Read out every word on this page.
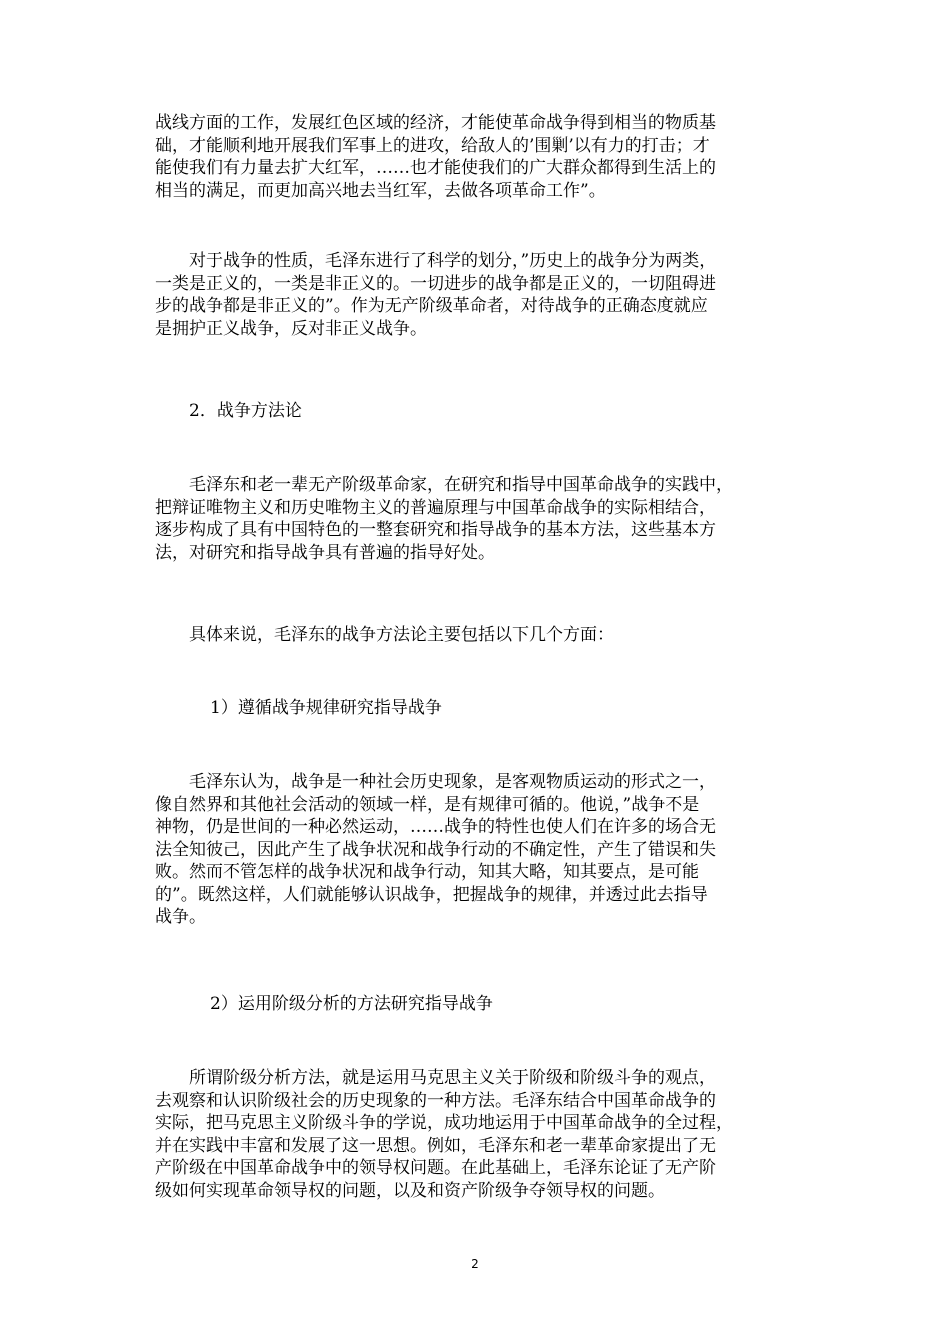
战线方面的工作，发展红色区域的经济，才能使革命战争得到相当的物质基
础，才能顺利地开展我们军事上的进攻，给敌人的’围剿’以有力的打击；才
能使我们有力量去扩大红军，……也才能使我们的广大群众都得到生活上的
相当的满足，而更加高兴地去当红军，去做各项革命工作”。
对于战争的性质，毛泽东进行了科学的划分，”历史上的战争分为两类，
一类是正义的，一类是非正义的。一切进步的战争都是正义的，一切阻碍进
步的战争都是非正义的”。作为无产阶级革命者，对待战争的正确态度就应
是拥护正义战争，反对非正义战争。

2．战争方法论

毛泽东和老一辈无产阶级革命家，在研究和指导中国革命战争的实践中，
把辩证唯物主义和历史唯物主义的普遍原理与中国革命战争的实际相结合，
逐步构成了具有中国特色的一整套研究和指导战争的基本方法，这些基本方
法，对研究和指导战争具有普遍的指导好处。
具体来说，毛泽东的战争方法论主要包括以下几个方面：

1）遵循战争规律研究指导战争

毛泽东认为，战争是一种社会历史现象，是客观物质运动的形式之一，
像自然界和其他社会活动的领域一样，是有规律可循的。他说，”战争不是
神物，仍是世间的一种必然运动，……战争的特性也使人们在许多的场合无
法全知彼己，因此产生了战争状况和战争行动的不确定性，产生了错误和失
败。然而不管怎样的战争状况和战争行动，知其大略，知其要点，是可能
的”。既然这样，人们就能够认识战争，把握战争的规律，并透过此去指导
战争。

2）运用阶级分析的方法研究指导战争

所谓阶级分析方法，就是运用马克思主义关于阶级和阶级斗争的观点，
去观察和认识阶级社会的历史现象的一种方法。毛泽东结合中国革命战争的
实际，把马克思主义阶级斗争的学说，成功地运用于中国革命战争的全过程，
并在实践中丰富和发展了这一思想。例如，毛泽东和老一辈革命家提出了无
产阶级在中国革命战争中的领导权问题。在此基础上，毛泽东论证了无产阶
级如何实现革命领导权的问题，以及和资产阶级争夺领导权的问题。
2
